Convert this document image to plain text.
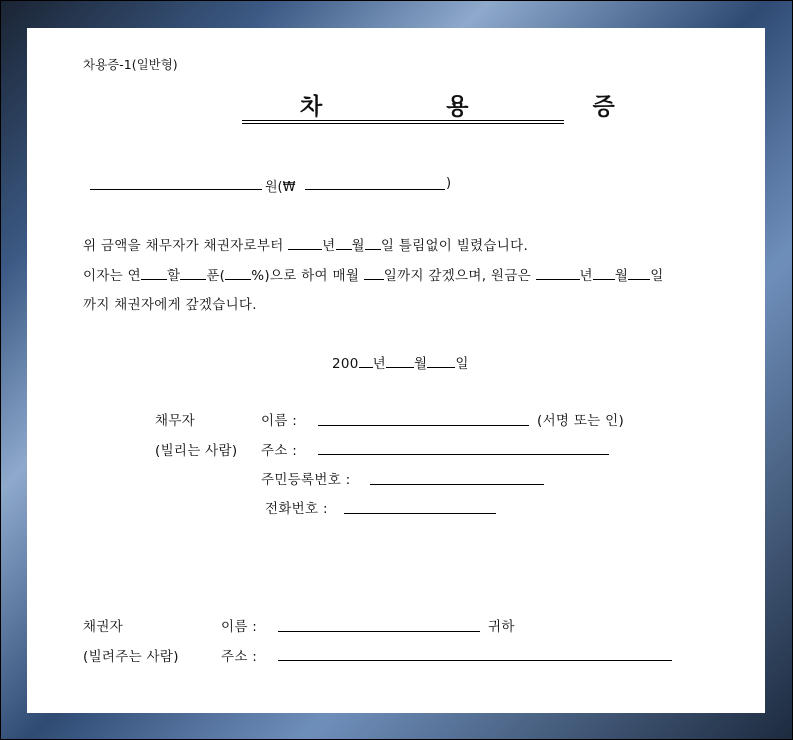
차용증-1(일반형)
차 용 증
원(₩	)
위 금액을 채무자가 채권자로부터	년 월 일 틀림없이 빌렸습니다.
이자는 연 할 푼( %)으로 하여 매월 일까지 갚겠으며, 원금은	년 월 일
까지 채권자에게 갚겠습니다.
200 년 월 일
채무자
(빌리는 사람)
이름 :	(서명 또는 인)
주소 :
주민등록번호 :
전화번호 :
채권자
(빌려주는 사람)
이름 :	귀하
주소 :
